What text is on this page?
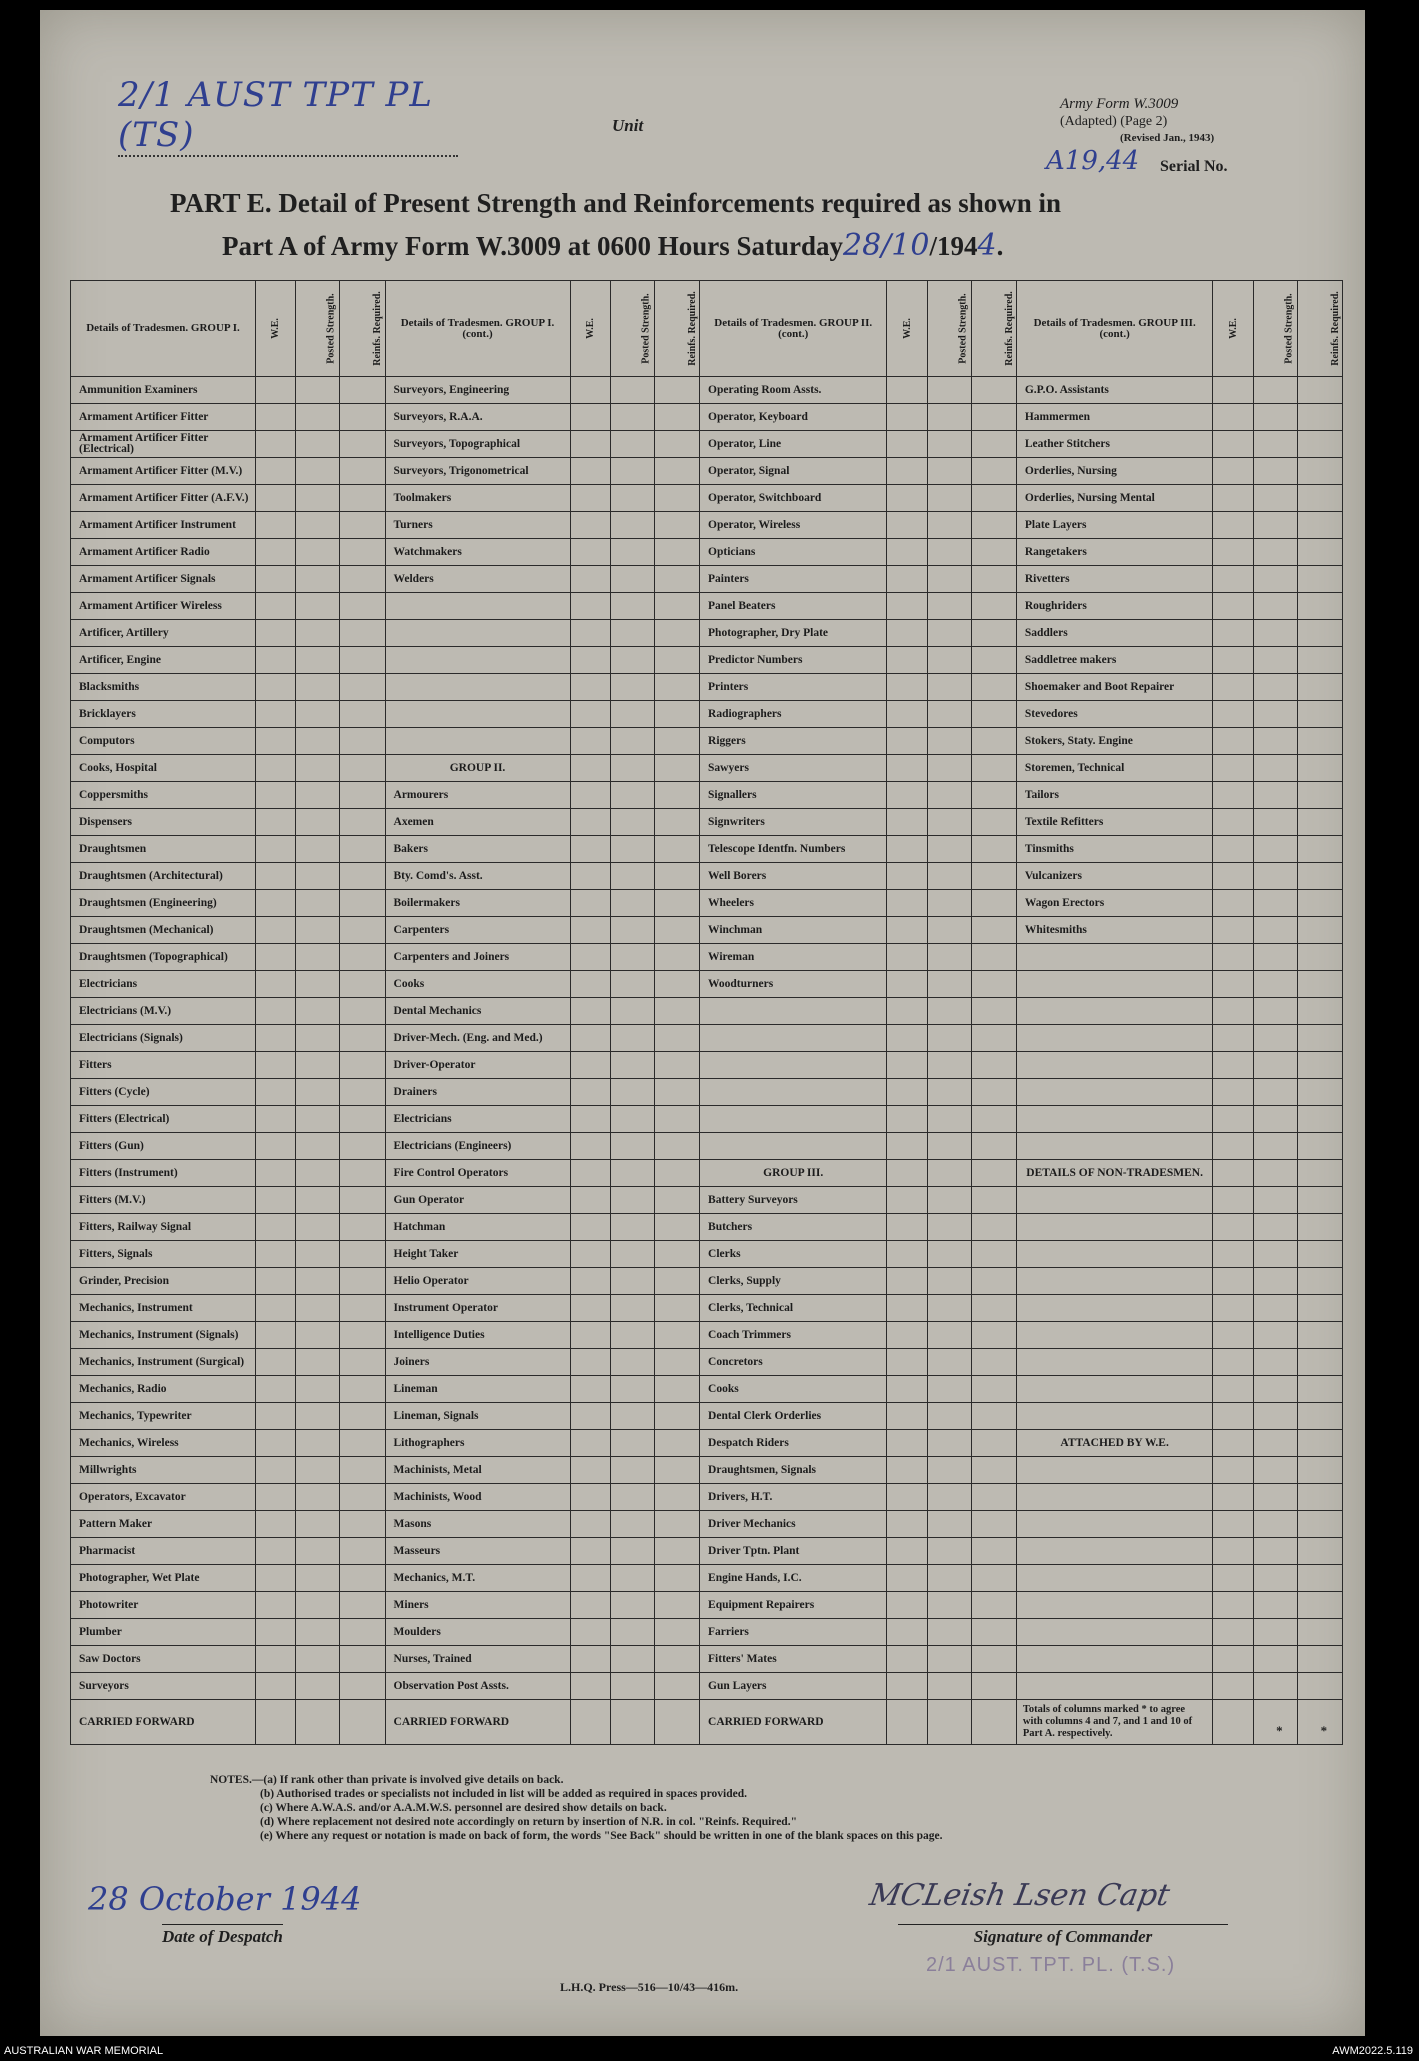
2/1 AUST TPT PL (TS)	Unit
Army Form W.3009
(Adapted) (Page 2)
(Revised Jan., 1943)
A19,44 Serial No.
PART E. Detail of Present Strength and Reinforcements required as shown in
Part A of Army Form W.3009 at 0600 Hours Saturday28/10/1944.
Details of Tradesmen. GROUP I.	W.E.	Posted Strength.	Reinfs. Required.	Details of Tradesmen. GROUP I. (cont.)	W.E.	Posted Strength.	Reinfs. Required.	Details of Tradesmen. GROUP II. (cont.)	W.E.	Posted Strength.	Reinfs. Required.	Details of Tradesmen. GROUP III. (cont.)	W.E.	Posted Strength.	Reinfs. Required.
Ammunition Examiners				Surveyors, Engineering				Operating Room Assts.				G.P.O. Assistants			
Armament Artificer Fitter				Surveyors, R.A.A.				Operator, Keyboard				Hammermen			
Armament Artificer Fitter (Electrical)				Surveyors, Topographical				Operator, Line				Leather Stitchers			
Armament Artificer Fitter (M.V.)				Surveyors, Trigonometrical				Operator, Signal				Orderlies, Nursing			
Armament Artificer Fitter (A.F.V.)				Toolmakers				Operator, Switchboard				Orderlies, Nursing Mental			
Armament Artificer Instrument				Turners				Operator, Wireless				Plate Layers			
Armament Artificer Radio				Watchmakers				Opticians				Rangetakers			
Armament Artificer Signals				Welders				Painters				Rivetters			
Armament Artificer Wireless								Panel Beaters				Roughriders			
Artificer, Artillery								Photographer, Dry Plate				Saddlers			
Artificer, Engine								Predictor Numbers				Saddletree makers			
Blacksmiths								Printers				Shoemaker and Boot Repairer			
Bricklayers								Radiographers				Stevedores			
Computors								Riggers				Stokers, Staty. Engine			
Cooks, Hospital				GROUP II.				Sawyers				Storemen, Technical			
Coppersmiths				Armourers				Signallers				Tailors			
Dispensers				Axemen				Signwriters				Textile Refitters			
Draughtsmen				Bakers				Telescope Identfn. Numbers				Tinsmiths			
Draughtsmen (Architectural)				Bty. Comd's. Asst.				Well Borers				Vulcanizers			
Draughtsmen (Engineering)				Boilermakers				Wheelers				Wagon Erectors			
Draughtsmen (Mechanical)				Carpenters				Winchman				Whitesmiths			
Draughtsmen (Topographical)				Carpenters and Joiners				Wireman							
Electricians				Cooks				Woodturners							
Electricians (M.V.)				Dental Mechanics											
Electricians (Signals)				Driver-Mech. (Eng. and Med.)											
Fitters				Driver-Operator											
Fitters (Cycle)				Drainers											
Fitters (Electrical)				Electricians											
Fitters (Gun)				Electricians (Engineers)											
Fitters (Instrument)				Fire Control Operators				GROUP III.				DETAILS OF NON-TRADESMEN.			
Fitters (M.V.)				Gun Operator				Battery Surveyors							
Fitters, Railway Signal				Hatchman				Butchers							
Fitters, Signals				Height Taker				Clerks							
Grinder, Precision				Helio Operator				Clerks, Supply							
Mechanics, Instrument				Instrument Operator				Clerks, Technical							
Mechanics, Instrument (Signals)				Intelligence Duties				Coach Trimmers							
Mechanics, Instrument (Surgical)				Joiners				Concretors							
Mechanics, Radio				Lineman				Cooks							
Mechanics, Typewriter				Lineman, Signals				Dental Clerk Orderlies							
Mechanics, Wireless				Lithographers				Despatch Riders				ATTACHED BY W.E.			
Millwrights				Machinists, Metal				Draughtsmen, Signals							
Operators, Excavator				Machinists, Wood				Drivers, H.T.							
Pattern Maker				Masons				Driver Mechanics							
Pharmacist				Masseurs				Driver Tptn. Plant							
Photographer, Wet Plate				Mechanics, M.T.				Engine Hands, I.C.							
Photowriter				Miners				Equipment Repairers							
Plumber				Moulders				Farriers							
Saw Doctors				Nurses, Trained				Fitters' Mates							
Surveyors				Observation Post Assts.				Gun Layers							
CARRIED FORWARD				CARRIED FORWARD				CARRIED FORWARD				Totals of columns marked * to agree with columns 4 and 7, and 1 and 10 of Part A. respectively.		*	*
NOTES.—(a) If rank other than private is involved give details on back.
(b) Authorised trades or specialists not included in list will be added as required in spaces provided.
(c) Where A.W.A.S. and/or A.A.M.W.S. personnel are desired show details on back.
(d) Where replacement not desired note accordingly on return by insertion of N.R. in col. "Reinfs. Required."
(e) Where any request or notation is made on back of form, the words "See Back" should be written in one of the blank spaces on this page.
28 October 1944
Date of Despatch
MCLeish Lsen Capt
Signature of Commander
2/1 AUST. TPT. PL. (T.S.)
L.H.Q. Press—516—10/43—416m.
AUSTRALIAN WAR MEMORIAL	AWM2022.5.119
